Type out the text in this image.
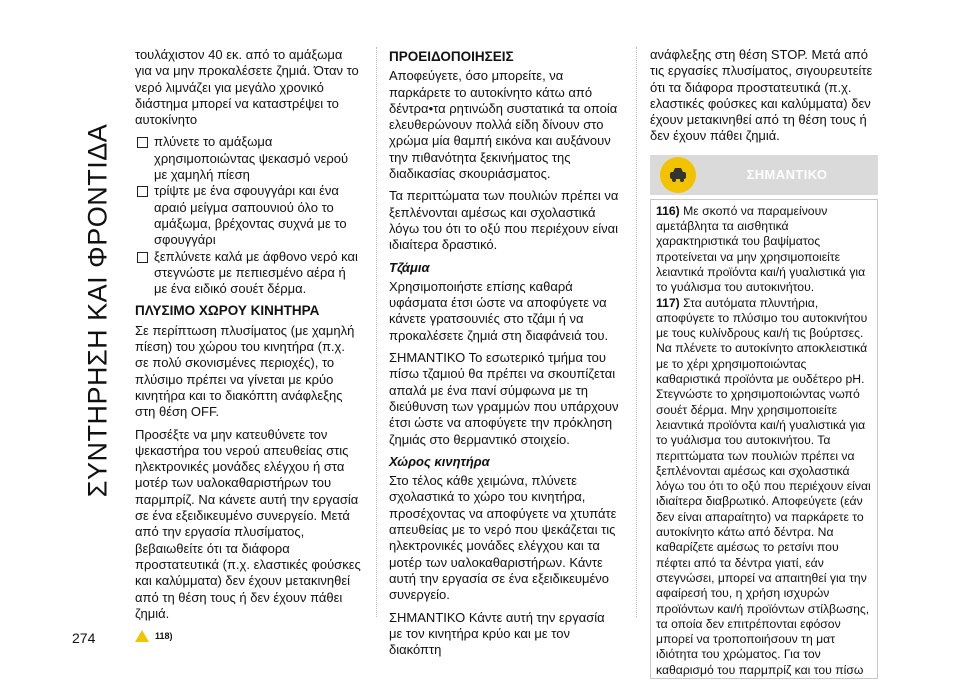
ΣΥΝΤΗΡΗΣΗ ΚΑΙ ΦΡΟΝΤΙΔΑ

τουλάχιστον 40 εκ. από το αμάξωμα για να μην προκαλέσετε ζημιά. Όταν το νερό λιμνάζει για μεγάλο χρονικό διάστημα μπορεί να καταστρέψει το αυτοκίνητο

πλύνετε το αμάξωμα χρησιμοποιώντας ψεκασμό νερού με χαμηλή πίεση
τρίψτε με ένα σφουγγάρι και ένα αραιό μείγμα σαπουνιού όλο το αμάξωμα, βρέχοντας συχνά με το σφουγγάρι
ξεπλύνετε καλά με άφθονο νερό και στεγνώστε με πεπιεσμένο αέρα ή με ένα ειδικό σουέτ δέρμα.
ΠΛΥΣΙΜΟ ΧΩΡΟΥ ΚΙΝΗΤΗΡΑ

Σε περίπτωση πλυσίματος (με χαμηλή πίεση) του χώρου του κινητήρα (π.χ. σε πολύ σκονισμένες περιοχές), το πλύσιμο πρέπει να γίνεται με κρύο κινητήρα και το διακόπτη ανάφλεξης στη θέση OFF.

Προσέξτε να μην κατευθύνετε τον ψεκαστήρα του νερού απευθείας στις ηλεκτρονικές μονάδες ελέγχου ή στα μοτέρ των υαλοκαθαριστήρων του παρμπρίζ. Να κάνετε αυτή την εργασία σε ένα εξειδικευμένο συνεργείο. Μετά από την εργασία πλυσίματος, βεβαιωθείτε ότι τα διάφορα προστατευτικά (π.χ. ελαστικές φούσκες και καλύμματα) δεν έχουν μετακινηθεί από τη θέση τους ή δεν έχουν πάθει ζημιά.

118)
ΠΡΟΕΙΔΟΠΟΙΗΣΕΙΣ

Αποφεύγετε, όσο μπορείτε, να παρκάρετε το αυτοκίνητο κάτω από δέντρα•τα ρητινώδη συστατικά τα οποία ελευθερώνουν πολλά είδη δίνουν στο χρώμα μία θαμπή εικόνα και αυξάνουν την πιθανότητα ξεκινήματος της διαδικασίας σκουριάσματος.

Τα περιττώματα των πουλιών πρέπει να ξεπλένονται αμέσως και σχολαστικά λόγω του ότι το οξύ που περιέχουν είναι ιδιαίτερα δραστικό.

Τζάμια

Χρησιμοποιήστε επίσης καθαρά υφάσματα έτσι ώστε να αποφύγετε να κάνετε γρατσουνιές στο τζάμι ή να προκαλέσετε ζημιά στη διαφάνειά του.

ΣΗΜΑΝΤΙΚΟ Το εσωτερικό τμήμα του πίσω τζαμιού θα πρέπει να σκουπίζεται απαλά με ένα πανί σύμφωνα με τη διεύθυνση των γραμμών που υπάρχουν έτσι ώστε να αποφύγετε την πρόκληση ζημιάς στο θερμαντικό στοιχείο.

Χώρος κινητήρα

Στο τέλος κάθε χειμώνα, πλύνετε σχολαστικά το χώρο του κινητήρα, προσέχοντας να αποφύγετε να χτυπάτε απευθείας με το νερό που ψεκάζεται τις ηλεκτρονικές μονάδες ελέγχου και τα μοτέρ των υαλοκαθαριστήρων. Κάντε αυτή την εργασία σε ένα εξειδικευμένο συνεργείο.

ΣΗΜΑΝΤΙΚΟ Κάντε αυτή την εργασία με τον κινητήρα κρύο και με τον διακόπτη

ανάφλεξης στη θέση STOP. Μετά από τις εργασίες πλυσίματος, σιγουρευτείτε ότι τα διάφορα προστατευτικά (π.χ. ελαστικές φούσκες και καλύμματα) δεν έχουν μετακινηθεί από τη θέση τους ή δεν έχουν πάθει ζημιά.

ΣΗΜΑΝΤΙΚΟ

116) Με σκοπό να παραμείνουν αμετάβλητα τα αισθητικά χαρακτηριστικά του βαψίματος προτείνεται να μην χρησιμοποιείτε λειαντικά προϊόντα και/ή γυαλιστικά για το γυάλισμα του αυτοκινήτου.

117) Στα αυτόματα πλυντήρια, αποφύγετε το πλύσιμο του αυτοκινήτου με τους κυλίνδρους και/ή τις βούρτσες. Να πλένετε το αυτοκίνητο αποκλειστικά με το χέρι χρησιμοποιώντας καθαριστικά προϊόντα με ουδέτερο pH. Στεγνώστε το χρησιμοποιώντας νωπό σουέτ δέρμα. Μην χρησιμοποιείτε λειαντικά προϊόντα και/ή γυαλιστικά για το γυάλισμα του αυτοκινήτου. Τα περιττώματα των πουλιών πρέπει να ξεπλένονται αμέσως και σχολαστικά λόγω του ότι το οξύ που περιέχουν είναι ιδιαίτερα διαβρωτικό. Αποφεύγετε (εάν δεν είναι απαραίτητο) να παρκάρετε το αυτοκίνητο κάτω από δέντρα. Να καθαρίζετε αμέσως το ρετσίνι που πέφτει από τα δέντρα γιατί, εάν στεγνώσει, μπορεί να απαιτηθεί για την αφαίρεσή του, η χρήση ισχυρών προϊόντων και/ή προϊόντων στίλβωσης, τα οποία δεν επιτρέπονται εφόσον μπορεί να τροποποιήσουν τη ματ ιδιότητα του χρώματος. Για τον καθαρισμό του παρμπρίζ και του πίσω

274
